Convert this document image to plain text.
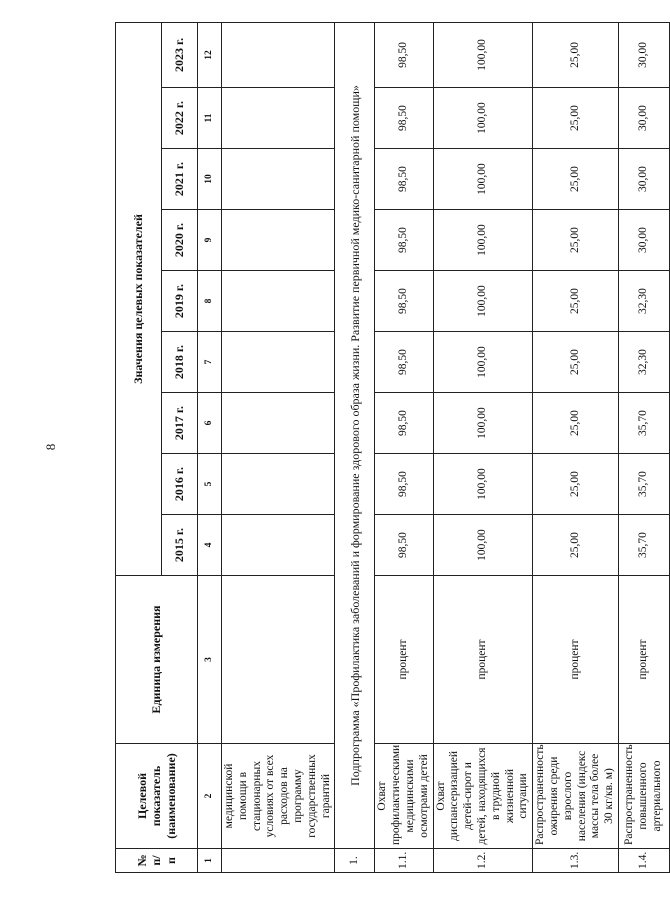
8
№ п/п	Целевой показатель (наименование)	Единица измерения	Значения целевых показателей								
			2015 г.	2016 г.	2017 г.	2018 г.	2019 г.	2020 г.	2021 г.	2022 г.	2023 г.
1	2	3	4	5	6	7	8	9	10	11	12
	медицинской помощи в стационарных условиях от всех расходов на программу государственных гарантий										
1.	Подпрограмма «Профилактика заболеваний и формирование здорового образа жизни. Развитие первичной медико-санитарной помощи»										
1.1.	Охват профилактическими медицинскими осмотрами детей	процент	98,50	98,50	98,50	98,50	98,50	98,50	98,50	98,50	98,50
1.2.	Охват диспансеризацией детей-сирот и детей, находящихся в трудной жизненной ситуации	процент	100,00	100,00	100,00	100,00	100,00	100,00	100,00	100,00	100,00
1.3.	Распространенность ожирения среди взрослого населения (индекс массы тела более 30 кг/кв. м)	процент	25,00	25,00	25,00	25,00	25,00	25,00	25,00	25,00	25,00
1.4.	Распространенность повышенного артериального	процент	35,70	35,70	35,70	32,30	32,30	30,00	30,00	30,00	30,00
